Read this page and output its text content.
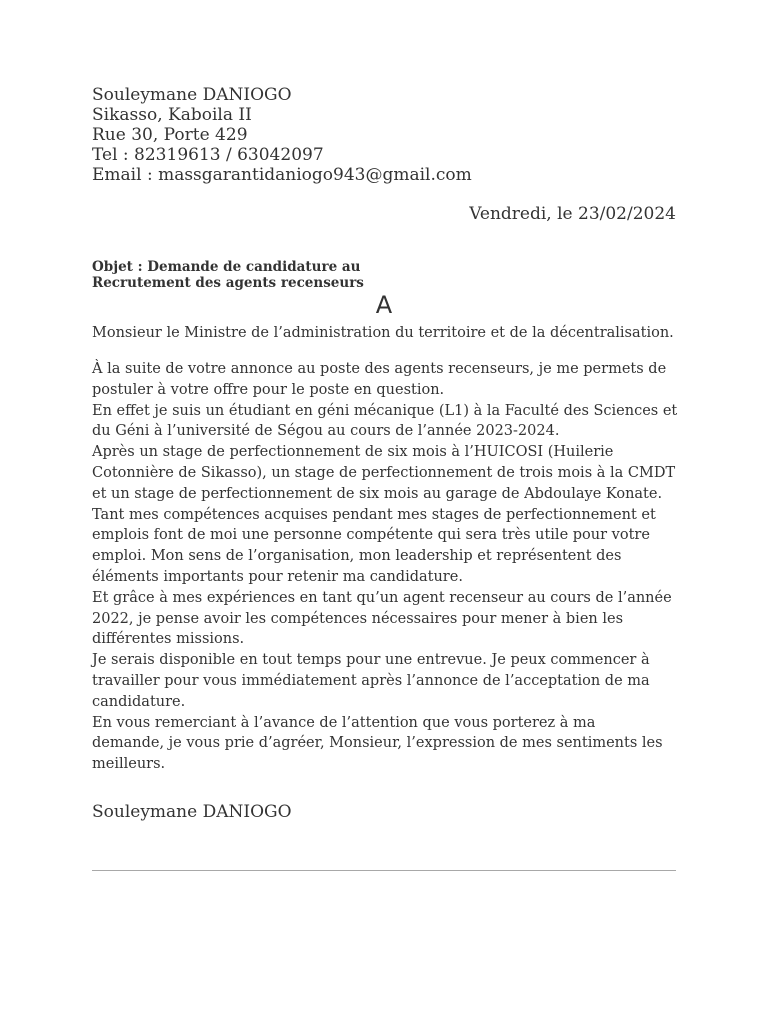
Souleymane DANIOGO
Sikasso, Kaboila II
Rue 30, Porte 429
Tel : 82319613 / 63042097
Email : massgarantidaniogo943@gmail.com
Vendredi, le 23/02/2024
Objet : Demande de candidature au
Recrutement des agents recenseurs
A
Monsieur le Ministre de l’administration du territoire et de la décentralisation.
À la suite de votre annonce au poste des agents recenseurs, je me permets de
postuler à votre offre pour le poste en question.
En effet je suis un étudiant en géni mécanique (L1) à la Faculté des Sciences et
du Géni à l’université de Ségou au cours de l’année 2023-2024.
Après un stage de perfectionnement de six mois à l’HUICOSI (Huilerie
Cotonnière de Sikasso), un stage de perfectionnement de trois mois à la CMDT
et un stage de perfectionnement de six mois au garage de Abdoulaye Konate.
Tant mes compétences acquises pendant mes stages de perfectionnement et
emplois font de moi une personne compétente qui sera très utile pour votre
emploi. Mon sens de l’organisation, mon leadership et représentent des
éléments importants pour retenir ma candidature.
Et grâce à mes expériences en tant qu’un agent recenseur au cours de l’année
2022, je pense avoir les compétences nécessaires pour mener à bien les
différentes missions.
Je serais disponible en tout temps pour une entrevue. Je peux commencer à
travailler pour vous immédiatement après l’annonce de l’acceptation de ma
candidature.
En vous remerciant à l’avance de l’attention que vous porterez à ma
demande, je vous prie d’agréer, Monsieur, l’expression de mes sentiments les
meilleurs.
Souleymane DANIOGO
